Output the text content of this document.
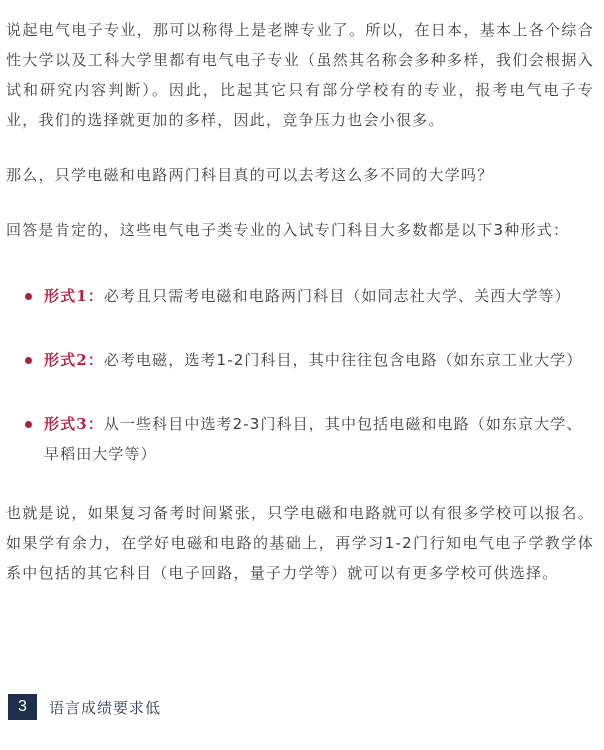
说起电气电子专业，那可以称得上是老牌专业了。所以，在日本，基本上各个综合性大学以及工科大学里都有电气电子专业（虽然其名称会多种多样，我们会根据入试和研究内容判断）。因此，比起其它只有部分学校有的专业，报考电气电子专业，我们的选择就更加的多样，因此，竞争压力也会小很多。

那么，只学电磁和电路两门科目真的可以去考这么多不同的大学吗？

回答是肯定的，这些电气电子类专业的入试专门科目大多数都是以下3种形式：

形式1：必考且只需考电磁和电路两门科目（如同志社大学、关西大学等）
形式2：必考电磁，选考1-2门科目，其中往往包含电路（如东京工业大学）
形式3：从一些科目中选考2-3门科目，其中包括电磁和电路（如东京大学、早稻田大学等）

也就是说，如果复习备考时间紧张，只学电磁和电路就可以有很多学校可以报名。如果学有余力，在学好电磁和电路的基础上，再学习1-2门行知电气电子学教学体系中包括的其它科目（电子回路，量子力学等）就可以有更多学校可供选择。

3	语言成绩要求低
